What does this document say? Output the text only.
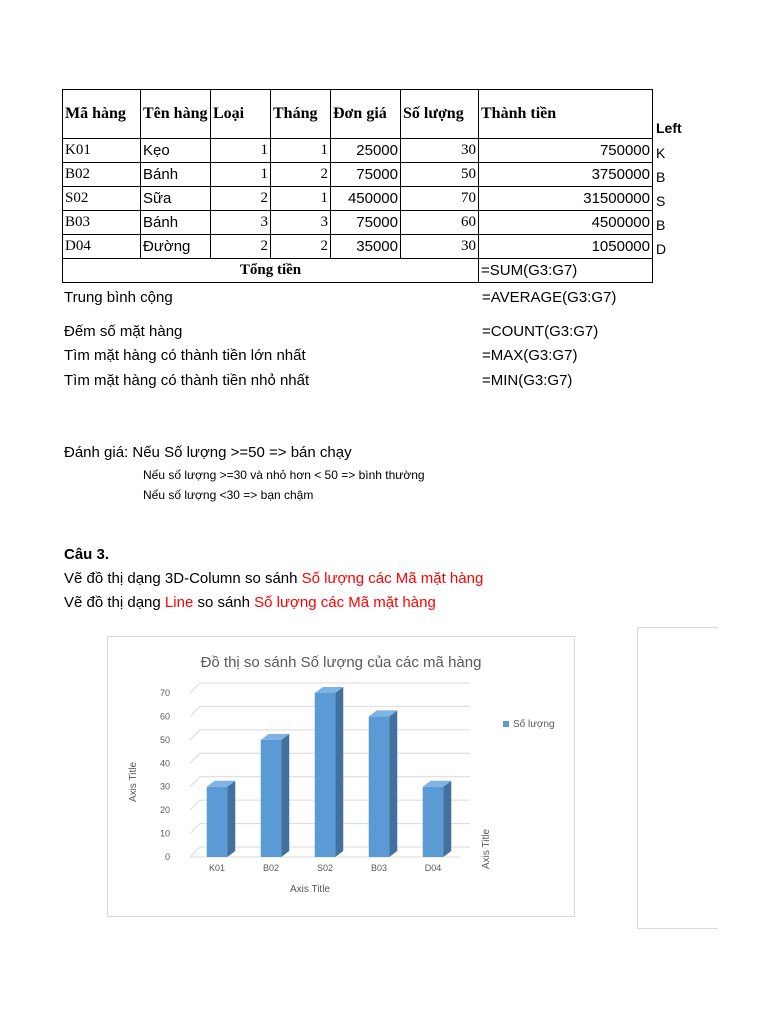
Mã hàng	Tên hàng	Loại	Tháng	Đơn giá	Số lượng	Thành tiền
K01	Kẹo	1	1	25000	30	750000
B02	Bánh	1	2	75000	50	3750000
S02	Sữa	2	1	450000	70	31500000
B03	Bánh	3	3	75000	60	4500000
D04	Đường	2	2	35000	30	1050000
Tổng tiền						=SUM(G3:G7)
Left
K
B
S
B
D
Trung bình cộng	=AVERAGE(G3:G7)
Đếm số mặt hàng	=COUNT(G3:G7)
Tìm mặt hàng có thành tiền lớn nhất	=MAX(G3:G7)
Tìm mặt hàng có thành tiền nhỏ nhất	=MIN(G3:G7)
Đánh giá: Nếu Số lượng >=50 => bán chạy
Nếu số lượng >=30 và nhỏ hơn < 50 => bình thường
Nếu số lượng <30 => bạn chậm
Câu 3.
Vẽ đồ thị dạng 3D-Column so sánh Số lượng các Mã mặt hàng
Vẽ đồ thị dạng Line so sánh Số lượng các Mã mặt hàng
Đồ thị so sánh Số lượng của các mã hàng
0
10
20
30
40
50
60
70
K01	B02	S02	B03	D04
Axis Title
Axis Title
Axis Title
Số lượng
